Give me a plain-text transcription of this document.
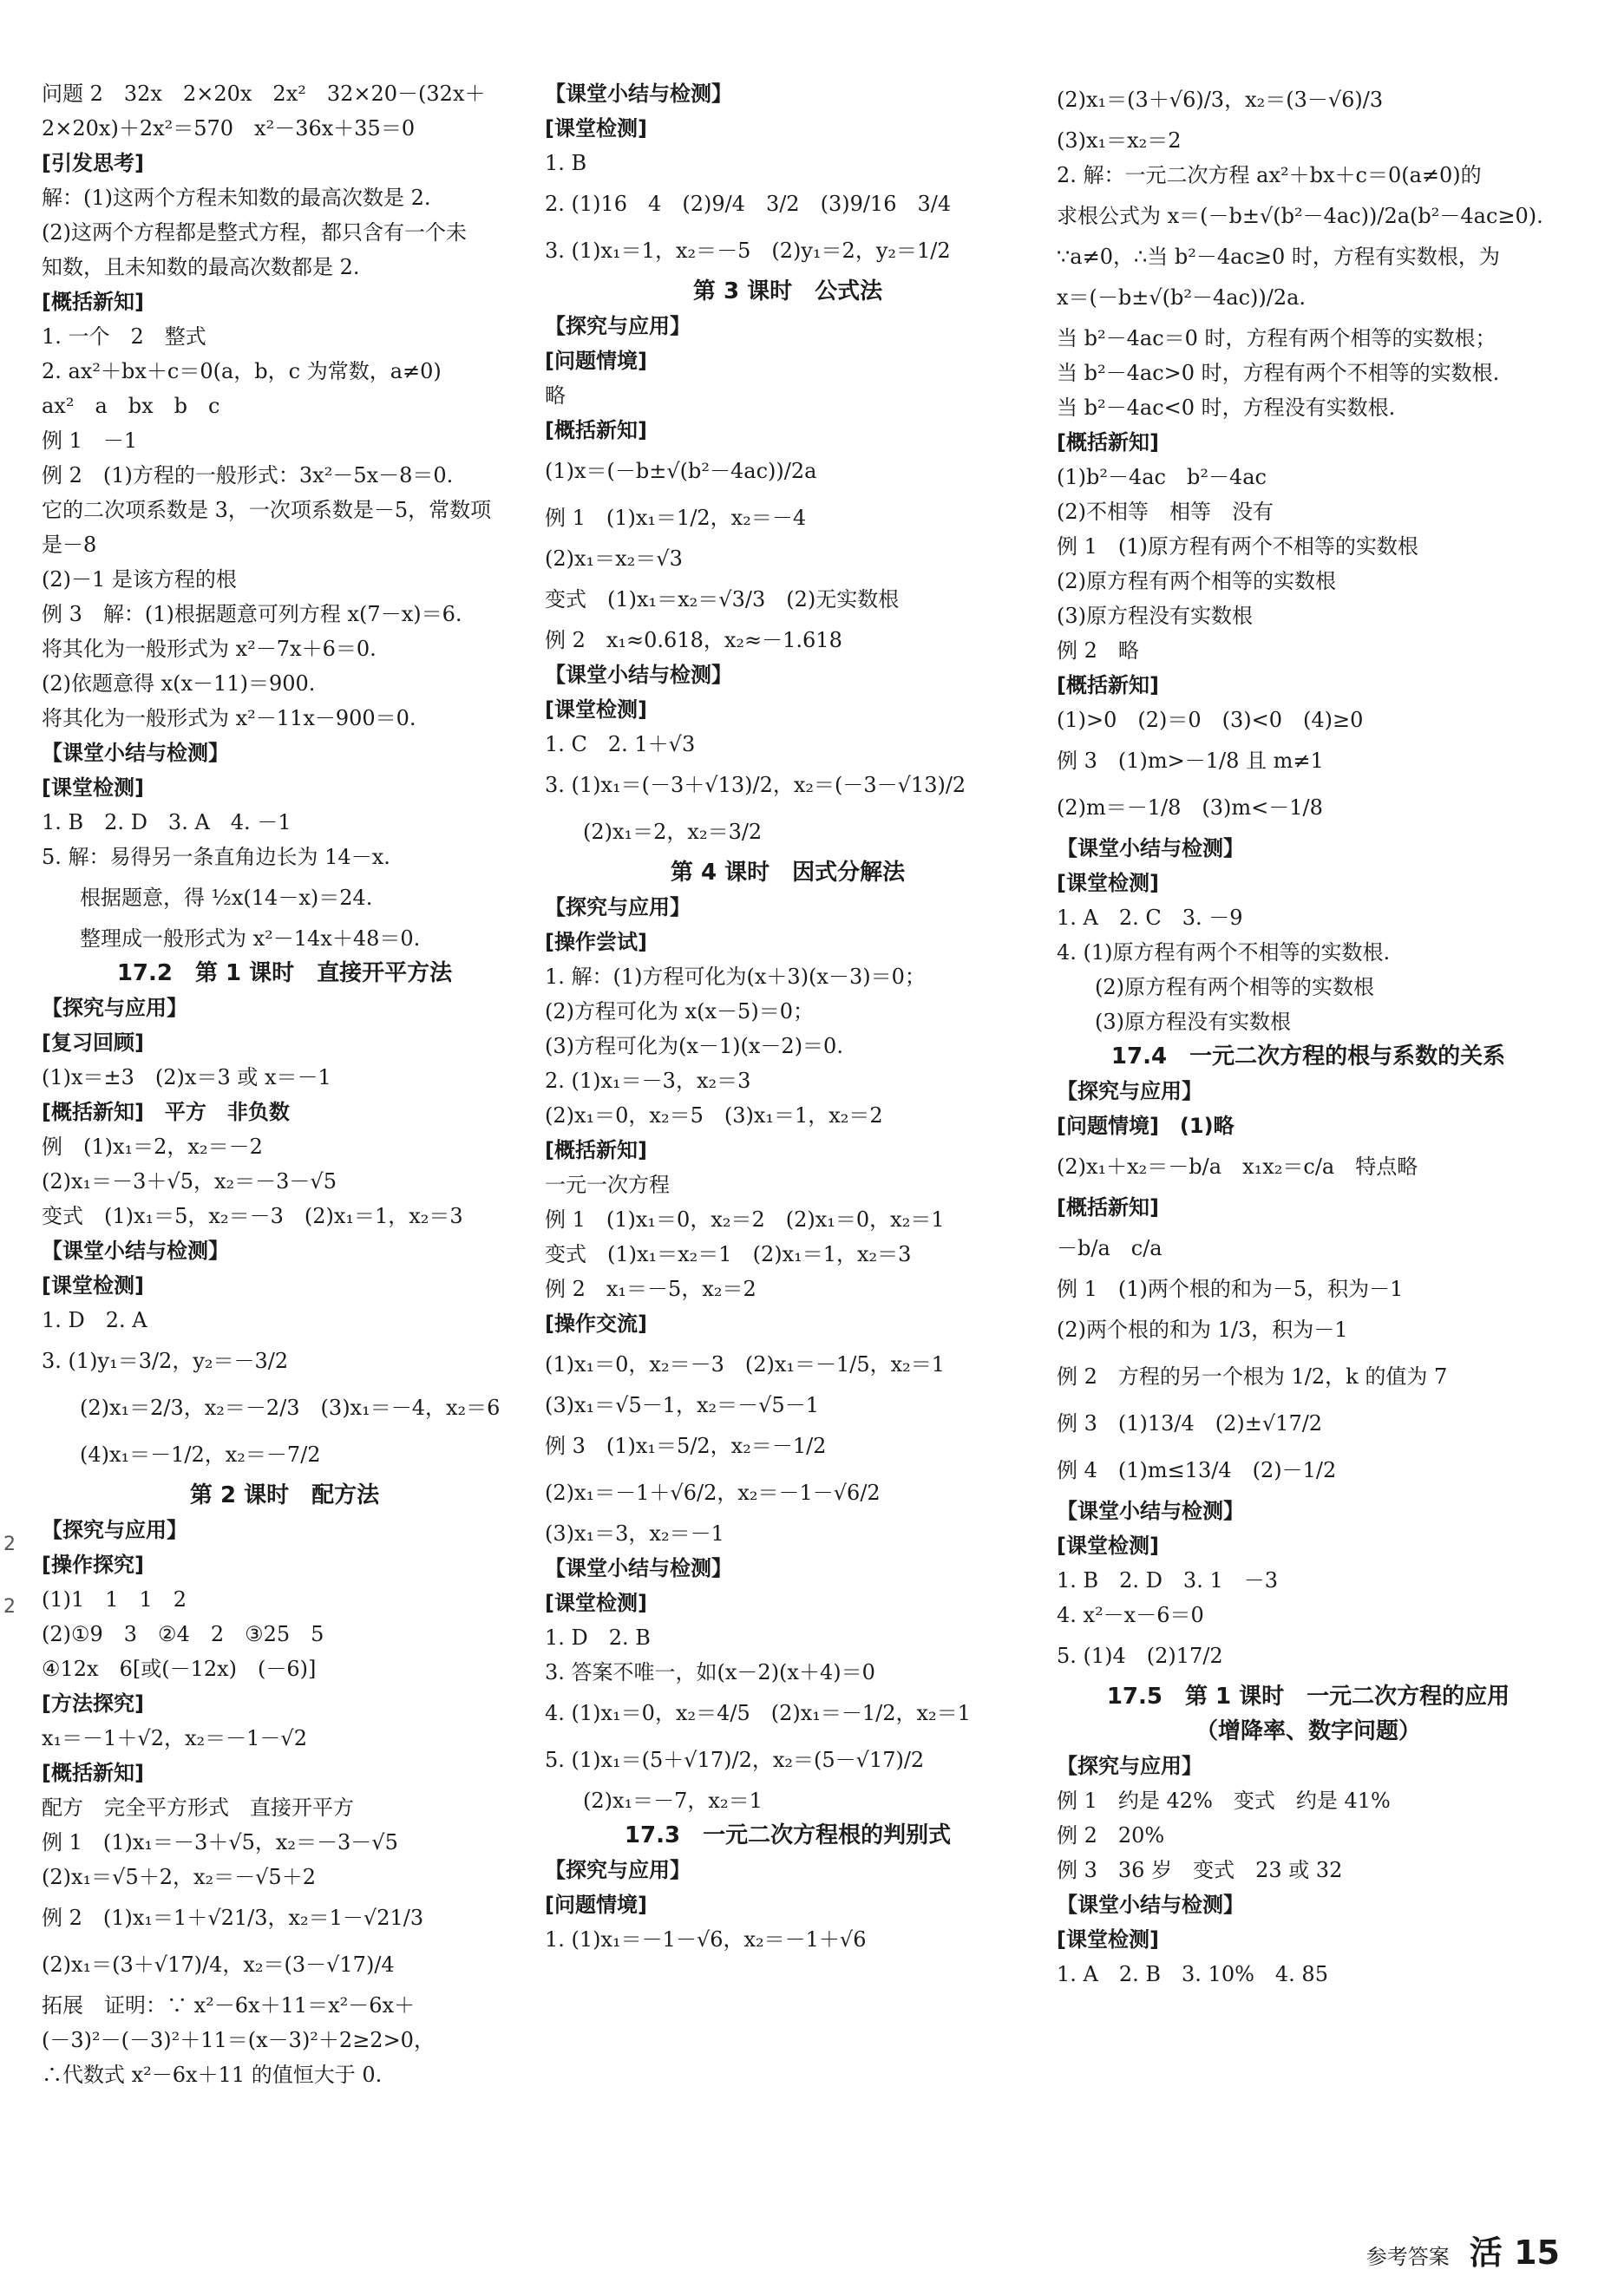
问题 2　32x　2×20x　2x²　32×20－(32x＋
2×20x)＋2x²＝570　x²－36x＋35＝0
[引发思考]
解：(1)这两个方程未知数的最高次数是 2.
(2)这两个方程都是整式方程，都只含有一个未
知数，且未知数的最高次数都是 2.
[概括新知]
1. 一个　2　整式
2. ax²＋bx＋c＝0(a，b，c 为常数，a≠0)
ax²　a　bx　b　c
例 1　－1
例 2　(1)方程的一般形式：3x²－5x－8＝0.
它的二次项系数是 3，一次项系数是－5，常数项
是－8
(2)－1 是该方程的根
例 3　解：(1)根据题意可列方程 x(7－x)＝6.
将其化为一般形式为 x²－7x＋6＝0.
(2)依题意得 x(x－11)＝900.
将其化为一般形式为 x²－11x－900＝0.
【课堂小结与检测】
[课堂检测]
1. B　2. D　3. A　4. －1
5. 解：易得另一条直角边长为 14－x.
根据题意，得 ½x(14－x)＝24.
整理成一般形式为 x²－14x＋48＝0.
17.2　第 1 课时　直接开平方法
【探究与应用】
[复习回顾]
(1)x＝±3　(2)x＝3 或 x＝－1
[概括新知]　平方　非负数
例　(1)x₁＝2，x₂＝－2
(2)x₁＝－3＋√5，x₂＝－3－√5
变式　(1)x₁＝5，x₂＝－3　(2)x₁＝1，x₂＝3
【课堂小结与检测】
[课堂检测]
1. D　2. A
3. (1)y₁＝3/2，y₂＝－3/2
(2)x₁＝2/3，x₂＝－2/3　(3)x₁＝－4，x₂＝6
(4)x₁＝－1/2，x₂＝－7/2
第 2 课时　配方法
【探究与应用】
[操作探究]
(1)1　1　1　2
(2)①9　3　②4　2　③25　5
④12x　6[或(－12x)　(－6)]
[方法探究]
x₁＝－1＋√2，x₂＝－1－√2
[概括新知]
配方　完全平方形式　直接开平方
例 1　(1)x₁＝－3＋√5，x₂＝－3－√5
(2)x₁＝√5＋2，x₂＝－√5＋2
例 2　(1)x₁＝1＋√21/3，x₂＝1－√21/3
(2)x₁＝(3＋√17)/4，x₂＝(3－√17)/4
拓展　证明：∵ x²－6x＋11＝x²－6x＋
(－3)²－(－3)²＋11＝(x－3)²＋2≥2>0，
∴代数式 x²－6x＋11 的值恒大于 0.
【课堂小结与检测】
[课堂检测]
1. B
2. (1)16　4　(2)9/4　3/2　(3)9/16　3/4
3. (1)x₁＝1，x₂＝－5　(2)y₁＝2，y₂＝1/2
第 3 课时　公式法
【探究与应用】
[问题情境]
略
[概括新知]
(1)x＝(－b±√(b²－4ac))/2a
例 1　(1)x₁＝1/2，x₂＝－4
(2)x₁＝x₂＝√3
变式　(1)x₁＝x₂＝√3/3　(2)无实数根
例 2　x₁≈0.618，x₂≈－1.618
【课堂小结与检测】
[课堂检测]
1. C　2. 1＋√3
3. (1)x₁＝(－3＋√13)/2，x₂＝(－3－√13)/2
(2)x₁＝2，x₂＝3/2
第 4 课时　因式分解法
【探究与应用】
[操作尝试]
1. 解：(1)方程可化为(x＋3)(x－3)＝0；
(2)方程可化为 x(x－5)＝0；
(3)方程可化为(x－1)(x－2)＝0.
2. (1)x₁＝－3，x₂＝3
(2)x₁＝0，x₂＝5　(3)x₁＝1，x₂＝2
[概括新知]
一元一次方程
例 1　(1)x₁＝0，x₂＝2　(2)x₁＝0，x₂＝1
变式　(1)x₁＝x₂＝1　(2)x₁＝1，x₂＝3
例 2　x₁＝－5，x₂＝2
[操作交流]
(1)x₁＝0，x₂＝－3　(2)x₁＝－1/5，x₂＝1
(3)x₁＝√5－1，x₂＝－√5－1
例 3　(1)x₁＝5/2，x₂＝－1/2
(2)x₁＝－1＋√6/2，x₂＝－1－√6/2
(3)x₁＝3，x₂＝－1
【课堂小结与检测】
[课堂检测]
1. D　2. B
3. 答案不唯一，如(x－2)(x＋4)＝0
4. (1)x₁＝0，x₂＝4/5　(2)x₁＝－1/2，x₂＝1
5. (1)x₁＝(5＋√17)/2，x₂＝(5－√17)/2
(2)x₁＝－7，x₂＝1
17.3　一元二次方程根的判别式
【探究与应用】
[问题情境]
1. (1)x₁＝－1－√6，x₂＝－1＋√6
(2)x₁＝(3＋√6)/3，x₂＝(3－√6)/3
(3)x₁＝x₂＝2
2. 解：一元二次方程 ax²＋bx＋c＝0(a≠0)的
求根公式为 x＝(－b±√(b²－4ac))/2a(b²－4ac≥0).
∵a≠0，∴当 b²－4ac≥0 时，方程有实数根，为
x＝(－b±√(b²－4ac))/2a.
当 b²－4ac＝0 时，方程有两个相等的实数根；
当 b²－4ac>0 时，方程有两个不相等的实数根.
当 b²－4ac<0 时，方程没有实数根.
[概括新知]
(1)b²－4ac　b²－4ac
(2)不相等　相等　没有
例 1　(1)原方程有两个不相等的实数根
(2)原方程有两个相等的实数根
(3)原方程没有实数根
例 2　略
[概括新知]
(1)>0　(2)＝0　(3)<0　(4)≥0
例 3　(1)m>－1/8 且 m≠1
(2)m＝－1/8　(3)m<－1/8
【课堂小结与检测】
[课堂检测]
1. A　2. C　3. －9
4. (1)原方程有两个不相等的实数根.
(2)原方程有两个相等的实数根
(3)原方程没有实数根
17.4　一元二次方程的根与系数的关系
【探究与应用】
[问题情境]　(1)略
(2)x₁＋x₂＝－b/a　x₁x₂＝c/a　特点略
[概括新知]
－b/a　c/a
例 1　(1)两个根的和为－5，积为－1
(2)两个根的和为 1/3，积为－1
例 2　方程的另一个根为 1/2，k 的值为 7
例 3　(1)13/4　(2)±√17/2
例 4　(1)m≤13/4　(2)－1/2
【课堂小结与检测】
[课堂检测]
1. B　2. D　3. 1　－3
4. x²－x－6＝0
5. (1)4　(2)17/2
17.5　第 1 课时　一元二次方程的应用
（增降率、数字问题）
【探究与应用】
例 1　约是 42%　变式　约是 41%
例 2　20%
例 3　36 岁　变式　23 或 32
【课堂小结与检测】
[课堂检测]
1. A　2. B　3. 10%　4. 85
2
2
参考答案 活 15
